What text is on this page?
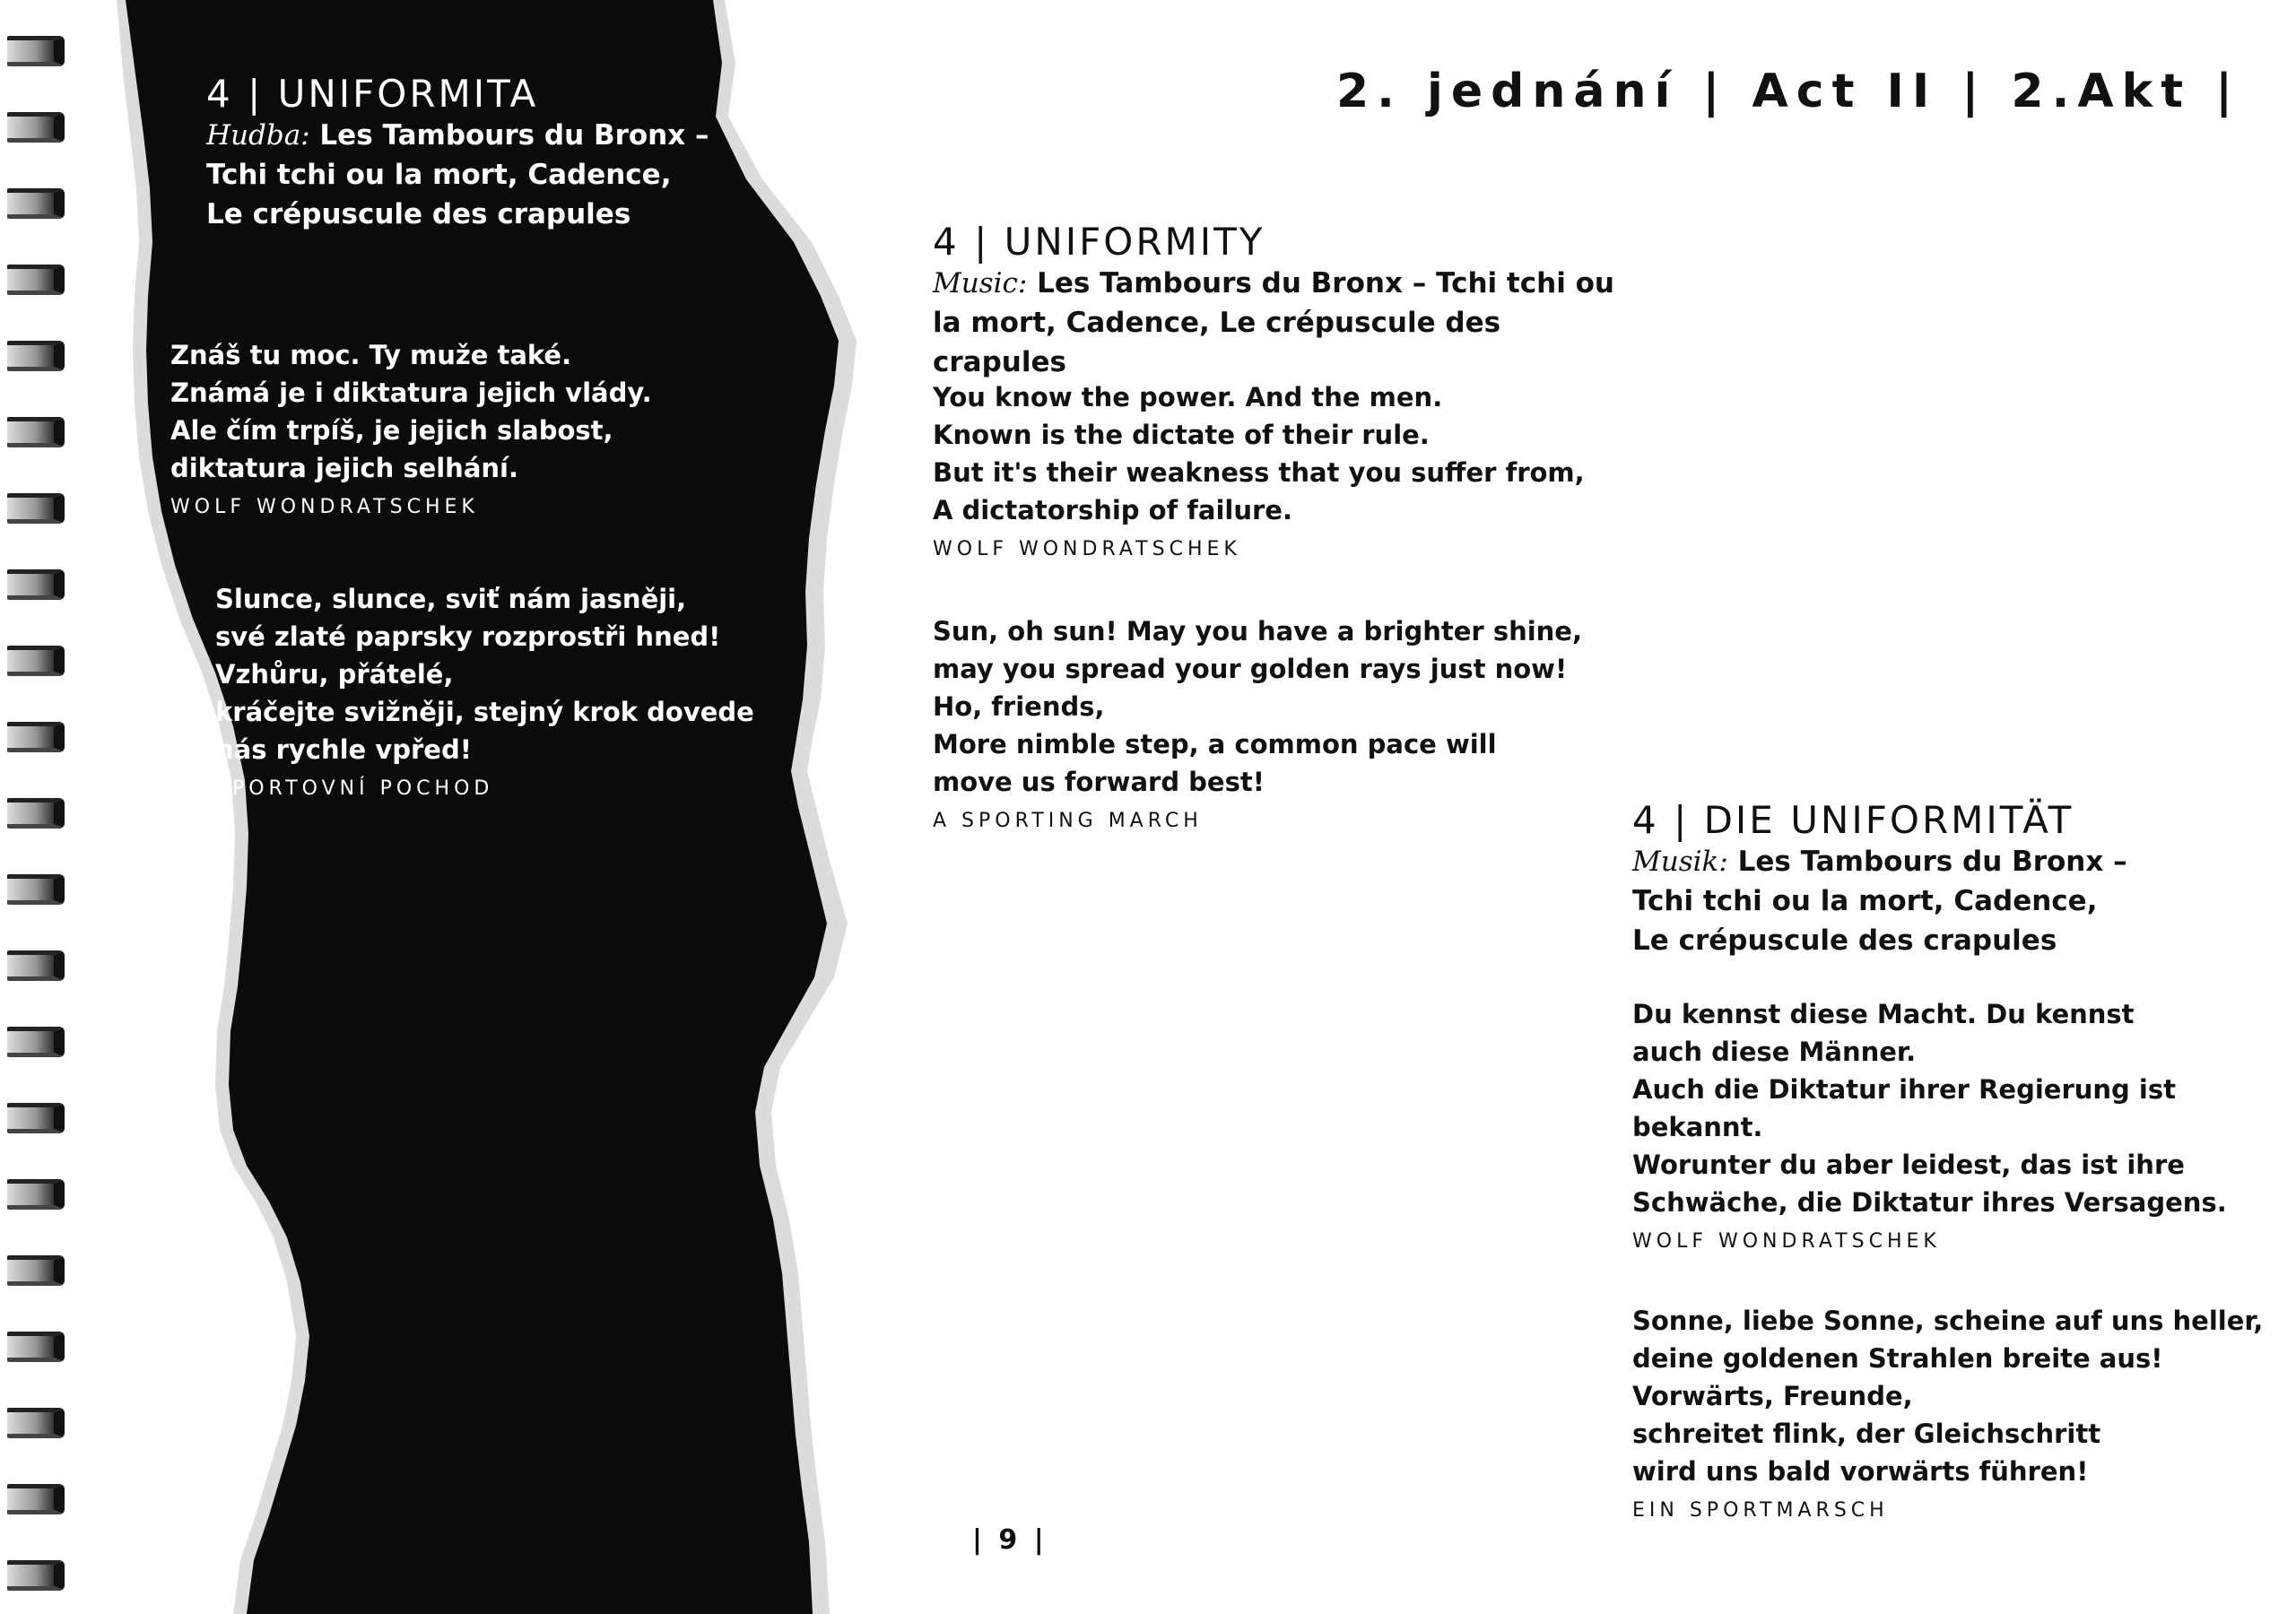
2. jednání | Act II | 2.Akt |
4 | UNIFORMITA
Hudba: Les Tambours du Bronx –
Tchi tchi ou la mort, Cadence,
Le crépuscule des crapules
Znáš tu moc. Ty muže také.
Známá je i diktatura jejich vlády.
Ale čím trpíš, je jejich slabost,
diktatura jejich selhání.
WOLF WONDRATSCHEK
Slunce, slunce, sviť nám jasněji,
své zlaté paprsky rozprostři hned!
Vzhůru, přátelé,
kráčejte svižněji, stejný krok dovede
nás rychle vpřed!
SPORTOVNÍ POCHOD
4 | UNIFORMITY
Music: Les Tambours du Bronx – Tchi tchi ou
la mort, Cadence, Le crépuscule des crapules
You know the power. And the men.
Known is the dictate of their rule.
But it's their weakness that you suffer from,
A dictatorship of failure.
WOLF WONDRATSCHEK
Sun, oh sun! May you have a brighter shine,
may you spread your golden rays just now!
Ho, friends,
More nimble step, a common pace will
move us forward best!
A SPORTING MARCH	4 | DIE UNIFORMITÄT
Musik: Les Tambours du Bronx –
Tchi tchi ou la mort, Cadence,
Le crépuscule des crapules
Du kennst diese Macht. Du kennst
auch diese Männer.
Auch die Diktatur ihrer Regierung ist
bekannt.
Worunter du aber leidest, das ist ihre
Schwäche, die Diktatur ihres Versagens.
WOLF WONDRATSCHEK
Sonne, liebe Sonne, scheine auf uns heller,
deine goldenen Strahlen breite aus!
Vorwärts, Freunde,
schreitet flink, der Gleichschritt
wird uns bald vorwärts führen!
EIN SPORTMARSCH
| 9 |
